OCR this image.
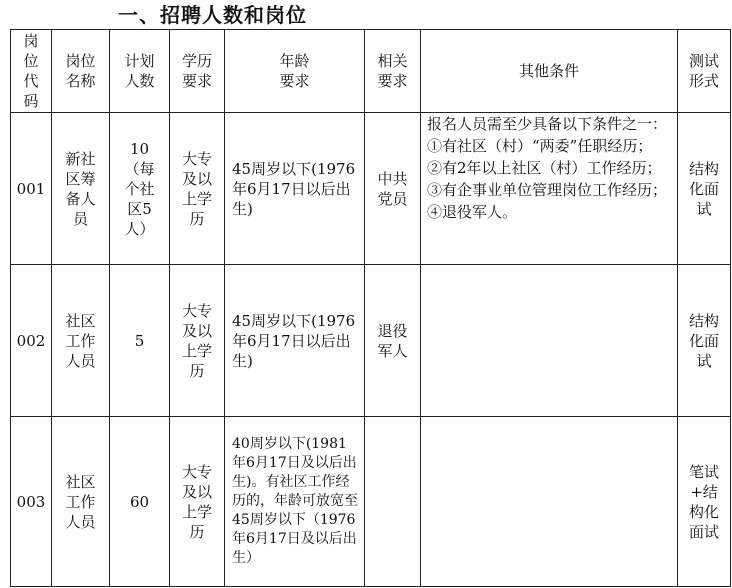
一、招聘人数和岗位
岗位代码	岗位名称	计划人数	学历要求	年龄要求	相关要求	其他条件	测试形式
001	新社区筹备人员	10（每个社区5人）	大专及以上学历	45周岁以下(1976年6月17日以后出生)	中共党员	报名人员需至少具备以下条件之一：
①有社区（村）“两委”任职经历；
②有2年以上社区（村）工作经历；
③有企事业单位管理岗位工作经历；
④退役军人。	结构化面试
002	社区工作人员	5	大专及以上学历	45周岁以下(1976年6月17日以后出生)	退役军人		结构化面试
003	社区工作人员	60	大专及以上学历	40周岁以下(1981年6月17日及以后出生)。有社区工作经历的，年龄可放宽至45周岁以下（1976年6月17日及以后出生）			笔试+结构化面试
